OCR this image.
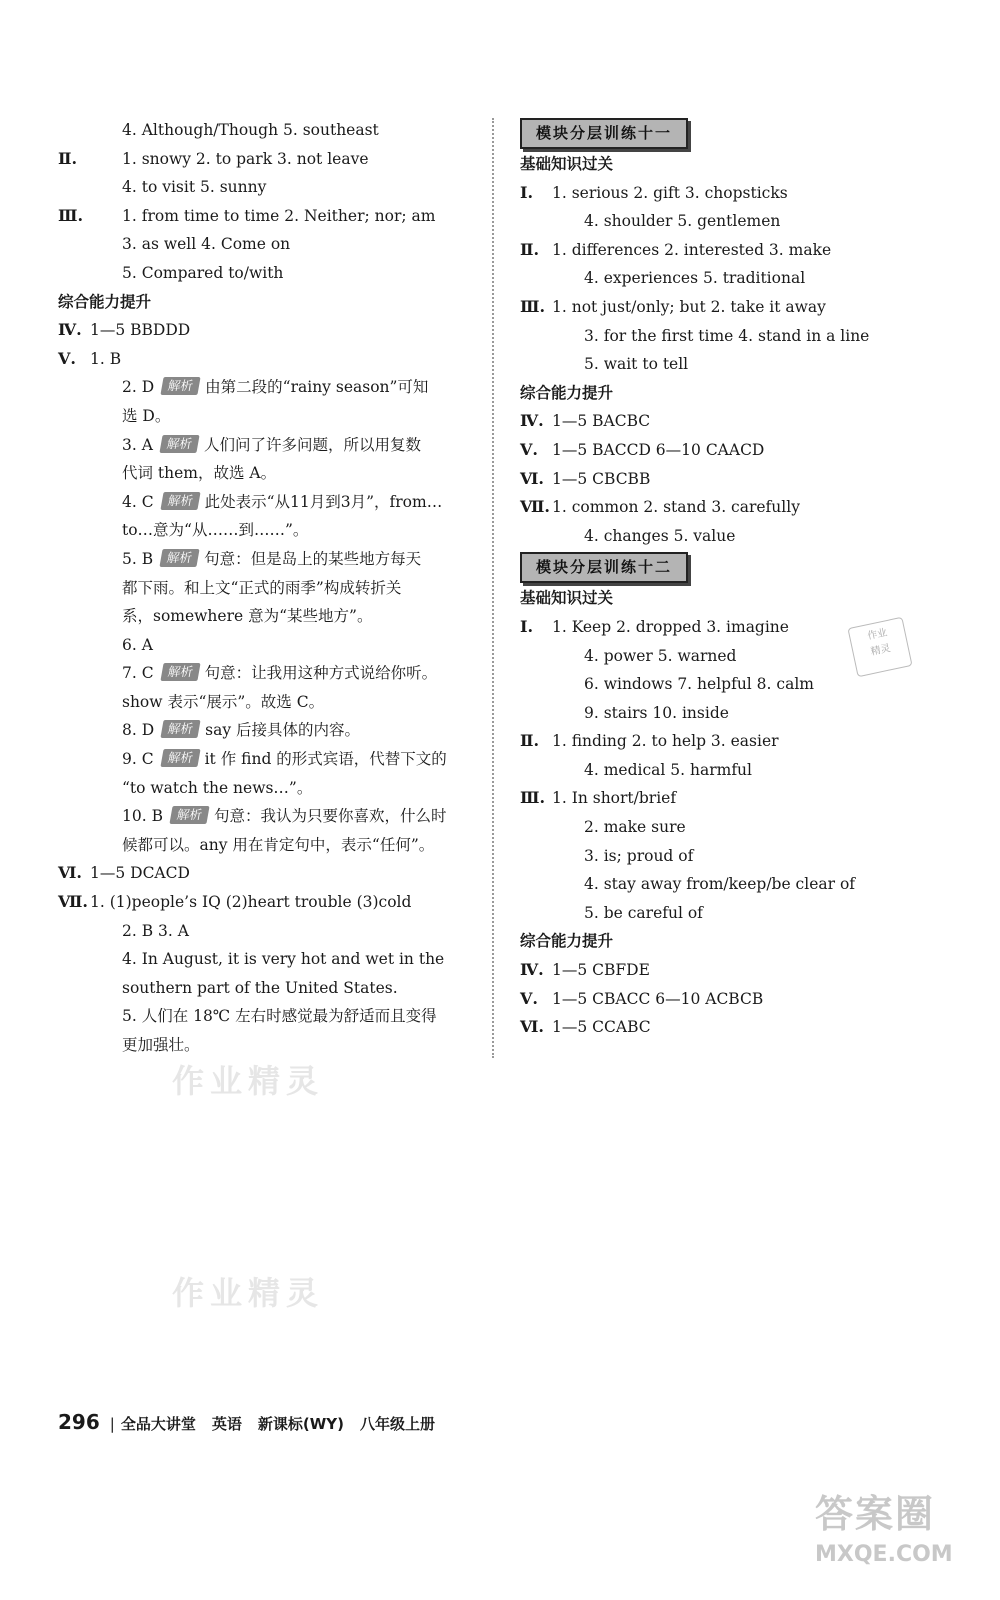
4. Although/Though 5. southeast
Ⅱ.	1. snowy 2. to park 3. not leave
4. to visit 5. sunny
Ⅲ.	1. from time to time 2. Neither; nor; am
3. as well 4. Come on
5. Compared to/with
综合能力提升
Ⅳ. 1—5 BBDDD
Ⅴ. 1. B
2. D 解析 由第二段的“rainy season”可知
选 D。
3. A 解析 人们问了许多问题，所以用复数
代词 them，故选 A。
4. C 解析 此处表示“从11月到3月”，from…
to…意为“从……到……”。
5. B 解析 句意：但是岛上的某些地方每天
都下雨。和上文“正式的雨季”构成转折关
系，somewhere 意为“某些地方”。
6. A
7. C 解析 句意：让我用这种方式说给你听。
show 表示“展示”。故选 C。
8. D 解析 say 后接具体的内容。
9. C 解析 it 作 find 的形式宾语，代替下文的
“to watch the news…”。
10. B 解析 句意：我认为只要你喜欢，什么时
候都可以。any 用在肯定句中，表示“任何”。
Ⅵ. 1—5 DCACD
Ⅶ. 1. (1)people’s IQ (2)heart trouble (3)cold
2. B 3. A
4. In August, it is very hot and wet in the
southern part of the United States.
5. 人们在 18℃ 左右时感觉最为舒适而且变得
更加强壮。
模块分层训练十一
基础知识过关
Ⅰ. 1. serious 2. gift 3. chopsticks
4. shoulder 5. gentlemen
Ⅱ. 1. differences 2. interested 3. make
4. experiences 5. traditional
Ⅲ. 1. not just/only; but 2. take it away
3. for the first time 4. stand in a line
5. wait to tell
综合能力提升
Ⅳ. 1—5 BACBC
Ⅴ. 1—5 BACCD 6—10 CAACD
Ⅵ. 1—5 CBCBB
Ⅶ. 1. common 2. stand 3. carefully
4. changes 5. value
模块分层训练十二
基础知识过关
Ⅰ. 1. Keep 2. dropped 3. imagine
4. power 5. warned
6. windows 7. helpful 8. calm
9. stairs 10. inside
Ⅱ. 1. finding 2. to help 3. easier
4. medical 5. harmful
Ⅲ. 1. In short/brief
2. make sure
3. is; proud of
4. stay away from/keep/be clear of
5. be careful of
综合能力提升
Ⅳ. 1—5 CBFDE
Ⅴ. 1—5 CBACC 6—10 ACBCB
Ⅵ. 1—5 CCABC
作业精灵
作业精灵
作业
精灵
296 | 全品大讲堂 英语 新课标(WY) 八年级上册
答案圈
MXQE.COM
